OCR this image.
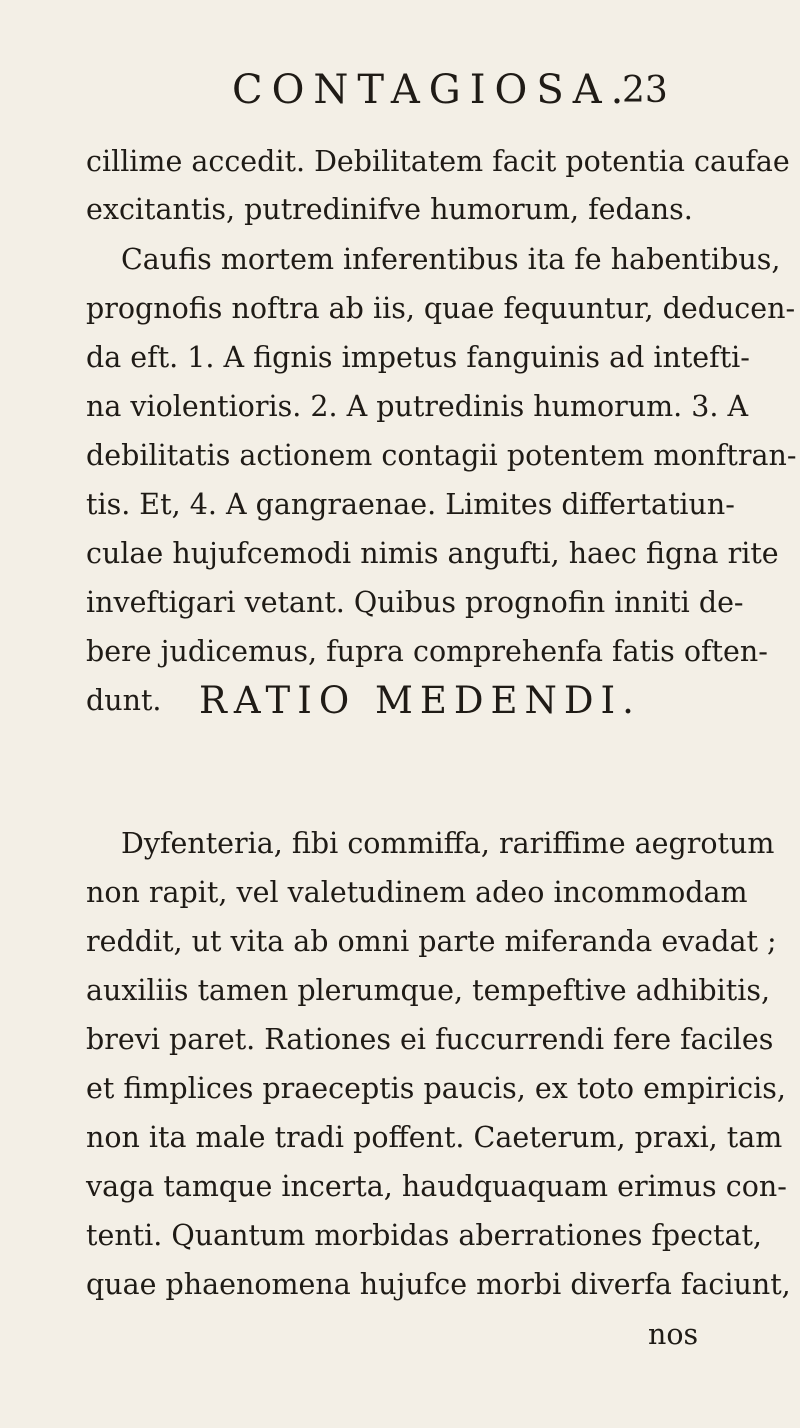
CONTAGIOSA.
23
cillime accedit. Debilitatem facit potentia caufae
excitantis, putredinifve humorum, fedans.
Caufis mortem inferentibus ita fe habentibus,
prognofis noftra ab iis, quae fequuntur, deducen-
da eft. 1. A fignis impetus fanguinis ad intefti-
na violentioris. 2. A putredinis humorum. 3. A
debilitatis actionem contagii potentem monftran-
tis. Et, 4. A gangraenae. Limites differtatiun-
culae hujufcemodi nimis angufti, haec figna rite
inveftigari vetant. Quibus prognofin inniti de-
bere judicemus, fupra comprehenfa fatis often-
dunt. RATIO MEDENDI.
Dyfenteria, fibi commiffa, rariffime aegrotum
non rapit, vel valetudinem adeo incommodam
reddit, ut vita ab omni parte miferanda evadat ;
auxiliis tamen plerumque, tempeftive adhibitis,
brevi paret. Rationes ei fuccurrendi fere faciles
et fimplices praeceptis paucis, ex toto empiricis,
non ita male tradi poffent. Caeterum, praxi, tam
vaga tamque incerta, haudquaquam erimus con-
tenti. Quantum morbidas aberrationes fpectat,
quae phaenomena hujufce morbi diverfa faciunt,
nos
